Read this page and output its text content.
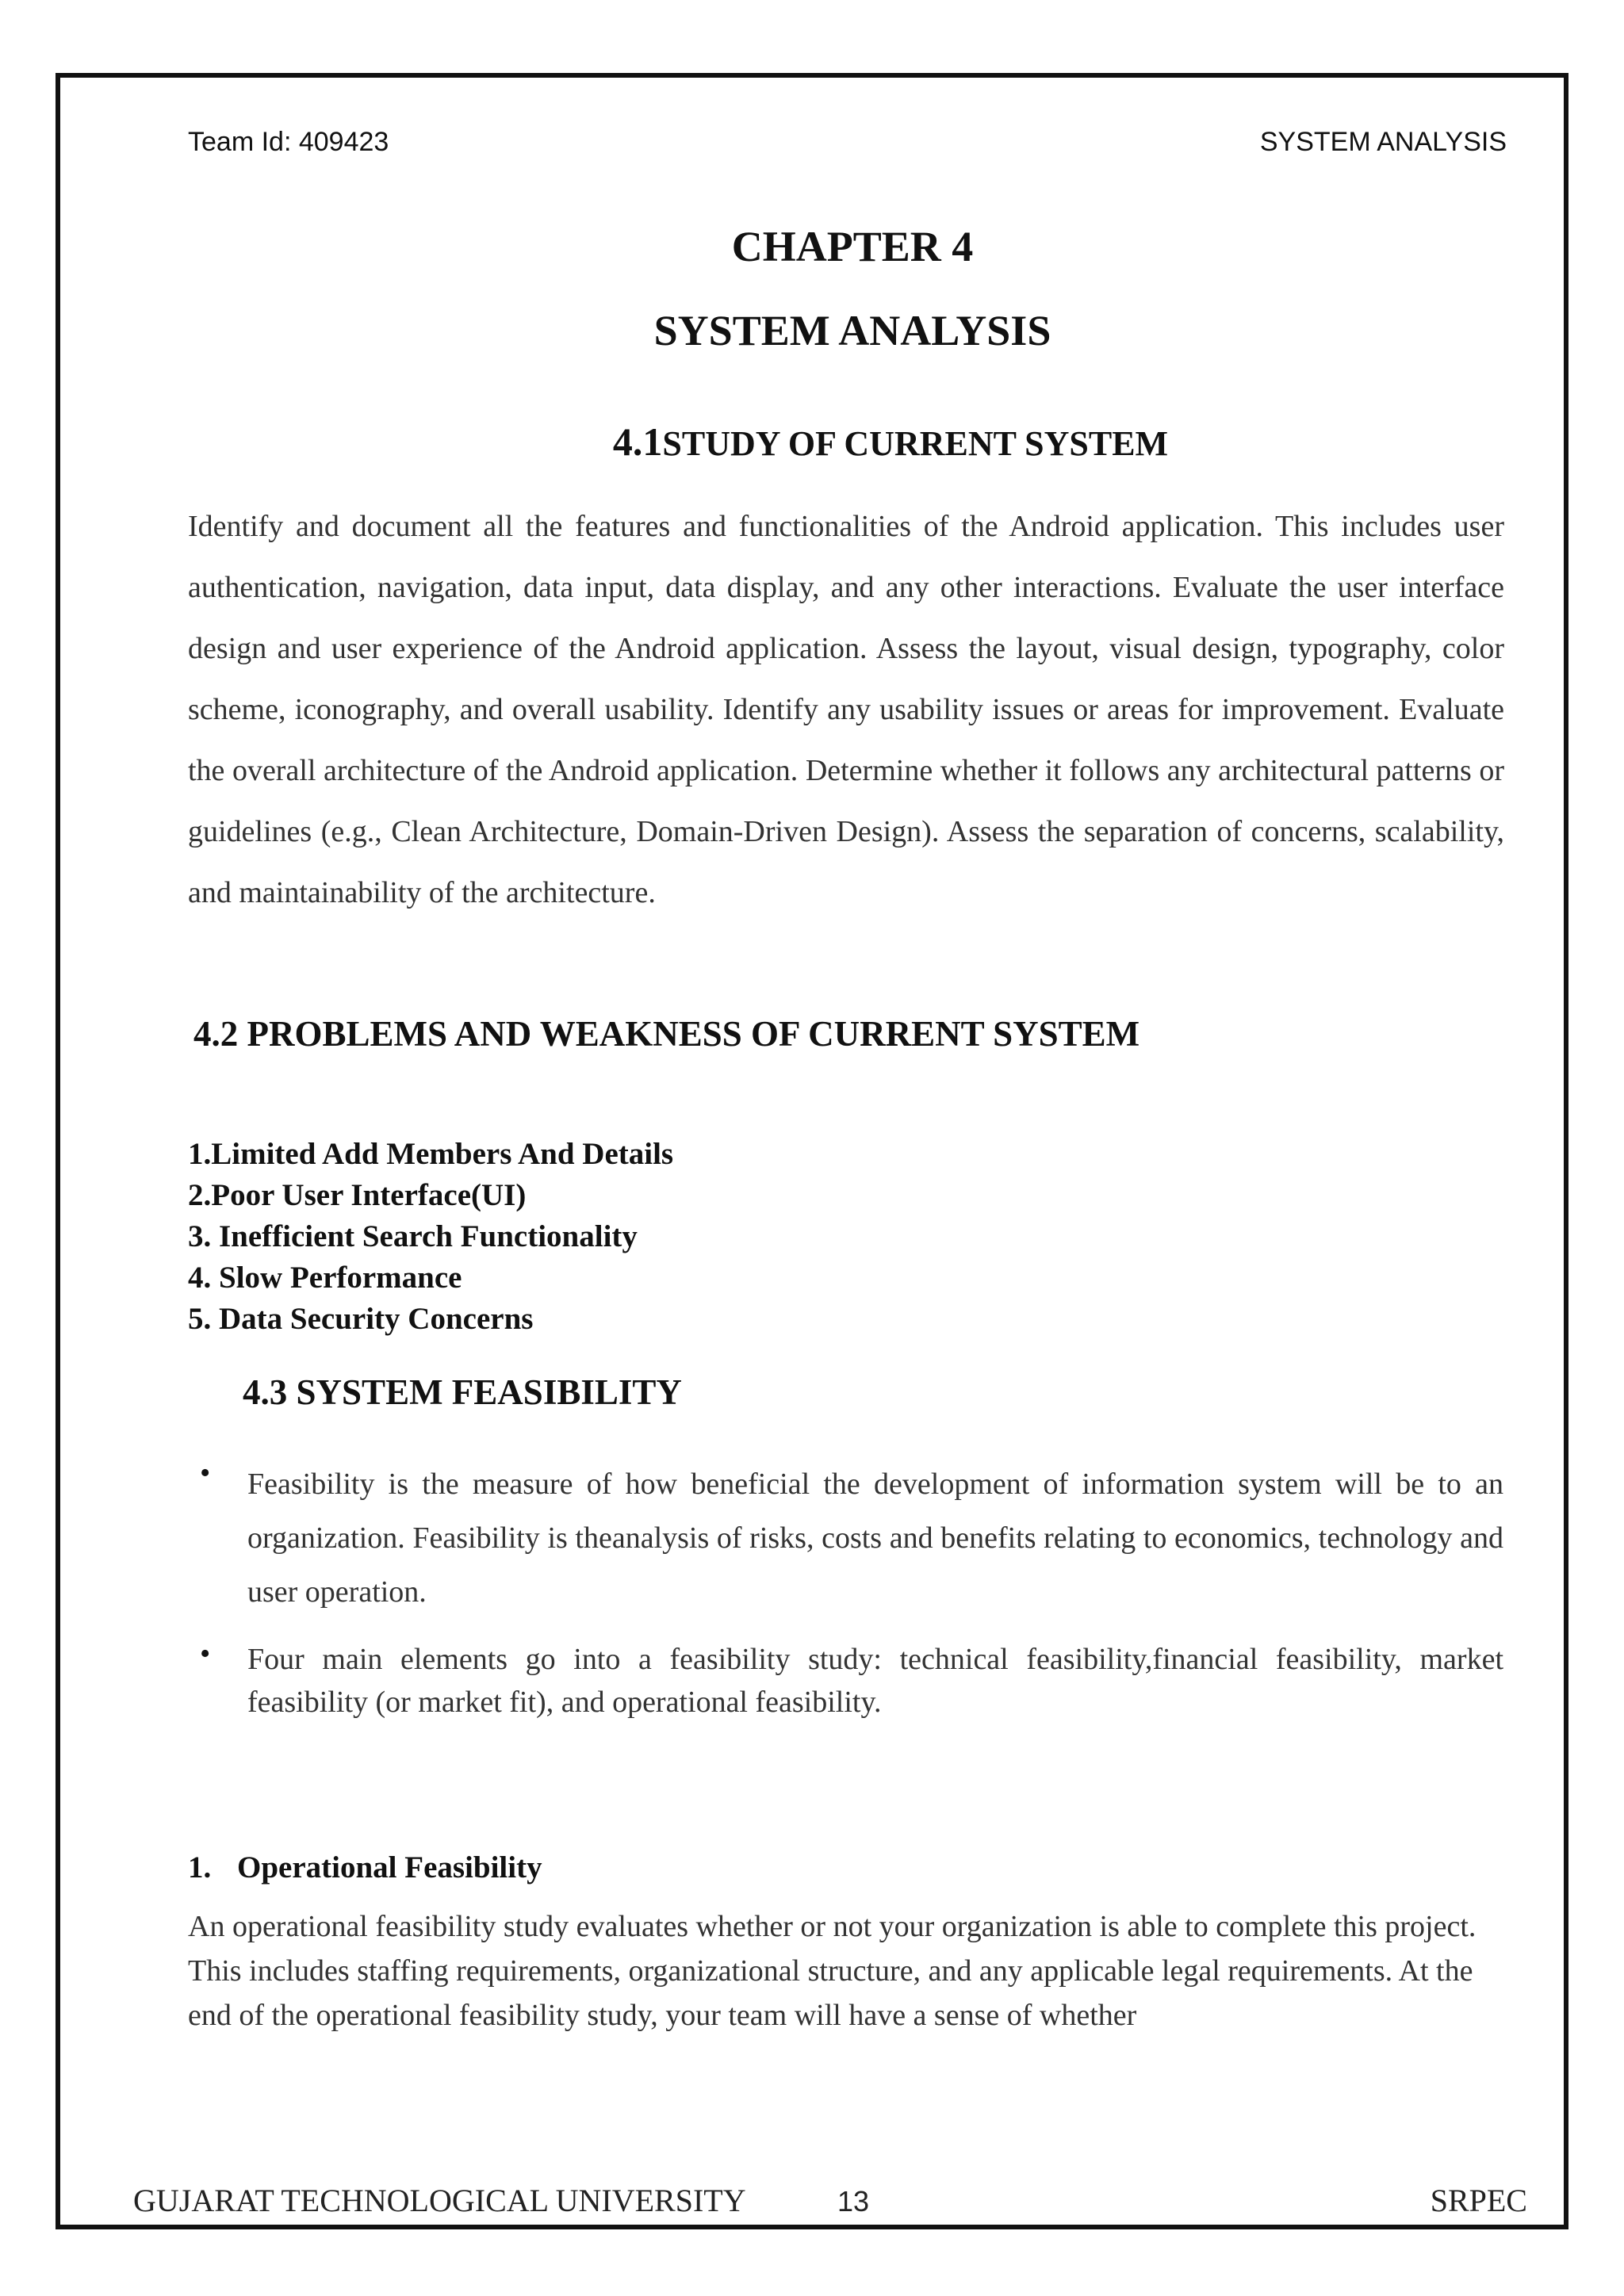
Team Id: 409423	SYSTEM ANALYSIS

CHAPTER 4
SYSTEM ANALYSIS
4.1STUDY OF CURRENT SYSTEM

Identify and document all the features and functionalities of the Android application. This includes user authentication, navigation, data input, data display, and any other interactions. Evaluate the user interface design and user experience of the Android application. Assess the layout, visual design, typography, color scheme, iconography, and overall usability. Identify any usability issues or areas for improvement. Evaluate the overall architecture of the Android application. Determine whether it follows any architectural patterns or guidelines (e.g., Clean Architecture, Domain-Driven Design). Assess the separation of concerns, scalability, and maintainability of the architecture.

4.2 PROBLEMS AND WEAKNESS OF CURRENT SYSTEM
1.Limited Add Members And Details
2.Poor User Interface(UI)
3. Inefficient Search Functionality
4. Slow Performance
5. Data Security Concerns
4.3 SYSTEM FEASIBILITY
• Feasibility is the measure of how beneficial the development of information system will be to an organization. Feasibility is theanalysis of risks, costs and benefits relating to economics, technology and user operation.

• Four main elements go into a feasibility study: technical feasibility,financial feasibility, market feasibility (or market fit), and operational feasibility.

1. Operational Feasibility

An operational feasibility study evaluates whether or not your organization is able to complete this project. This includes staffing requirements, organizational structure, and any applicable legal requirements. At the end of the operational feasibility study, your team will have a sense of whether

GUJARAT TECHNOLOGICAL UNIVERSITY	13	SRPEC
